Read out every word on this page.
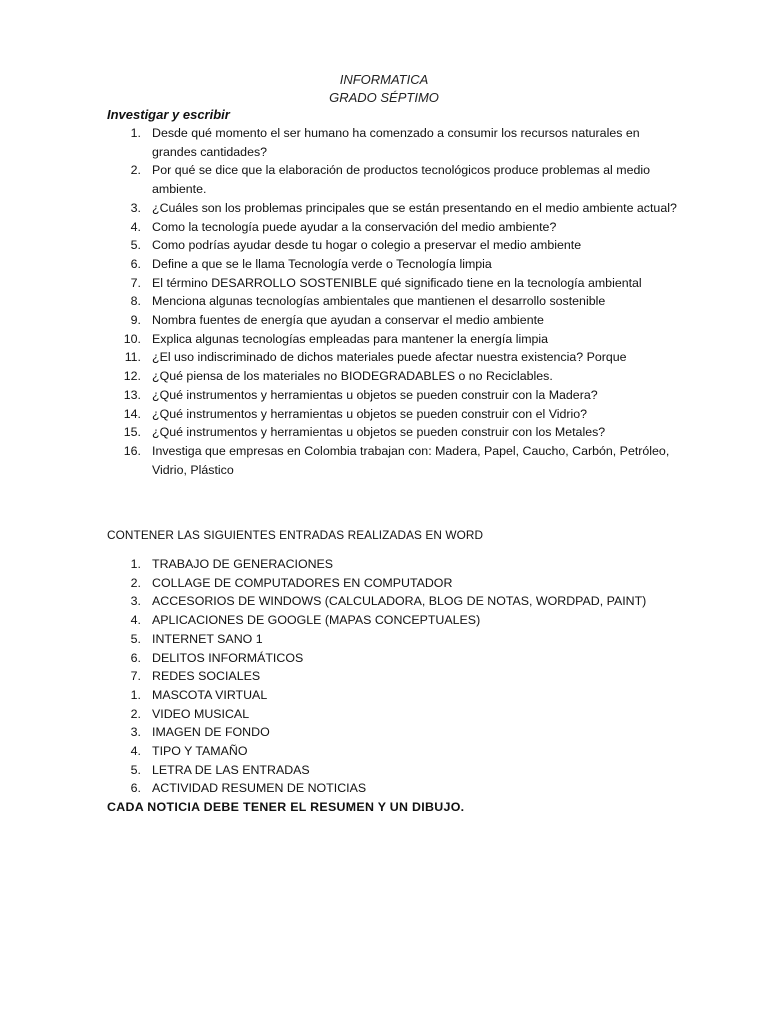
INFORMATICA
GRADO SÉPTIMO
Investigar y escribir
1. Desde qué momento el ser humano ha comenzado a consumir los recursos naturales en grandes cantidades?
2. Por qué se dice que la elaboración de productos tecnológicos produce problemas al medio ambiente.
3. ¿Cuáles son los problemas principales que se están presentando en el medio ambiente actual?
4. Como la tecnología puede ayudar a la conservación del medio ambiente?
5. Como podrías ayudar desde tu hogar o colegio a preservar el medio ambiente
6. Define a que se le llama Tecnología verde o Tecnología limpia
7. El término DESARROLLO SOSTENIBLE qué significado tiene en la tecnología ambiental
8. Menciona algunas tecnologías ambientales que mantienen el desarrollo sostenible
9. Nombra fuentes de energía que ayudan a conservar el medio ambiente
10. Explica algunas tecnologías empleadas para mantener la energía limpia
11. ¿El uso indiscriminado de dichos materiales puede afectar nuestra existencia? Porque
12. ¿Qué piensa de los materiales no BIODEGRADABLES o no Reciclables.
13. ¿Qué instrumentos y herramientas u objetos se pueden construir con la Madera?
14. ¿Qué instrumentos y herramientas u objetos se pueden construir con el Vidrio?
15. ¿Qué instrumentos y herramientas u objetos se pueden construir con los Metales?
16. Investiga que empresas en Colombia trabajan con: Madera, Papel, Caucho, Carbón, Petróleo, Vidrio, Plástico
CONTENER LAS SIGUIENTES ENTRADAS REALIZADAS EN WORD
1. TRABAJO DE GENERACIONES
2. COLLAGE DE COMPUTADORES EN COMPUTADOR
3. ACCESORIOS DE WINDOWS (CALCULADORA, BLOG DE NOTAS, WORDPAD, PAINT)
4. APLICACIONES DE GOOGLE (MAPAS CONCEPTUALES)
5. INTERNET SANO 1
6. DELITOS INFORMÁTICOS
7. REDES SOCIALES
1. MASCOTA VIRTUAL
2. VIDEO MUSICAL
3. IMAGEN DE FONDO
4. TIPO Y TAMAÑO
5. LETRA DE LAS ENTRADAS
6. ACTIVIDAD RESUMEN DE NOTICIAS
CADA NOTICIA DEBE TENER EL RESUMEN Y UN DIBUJO.
